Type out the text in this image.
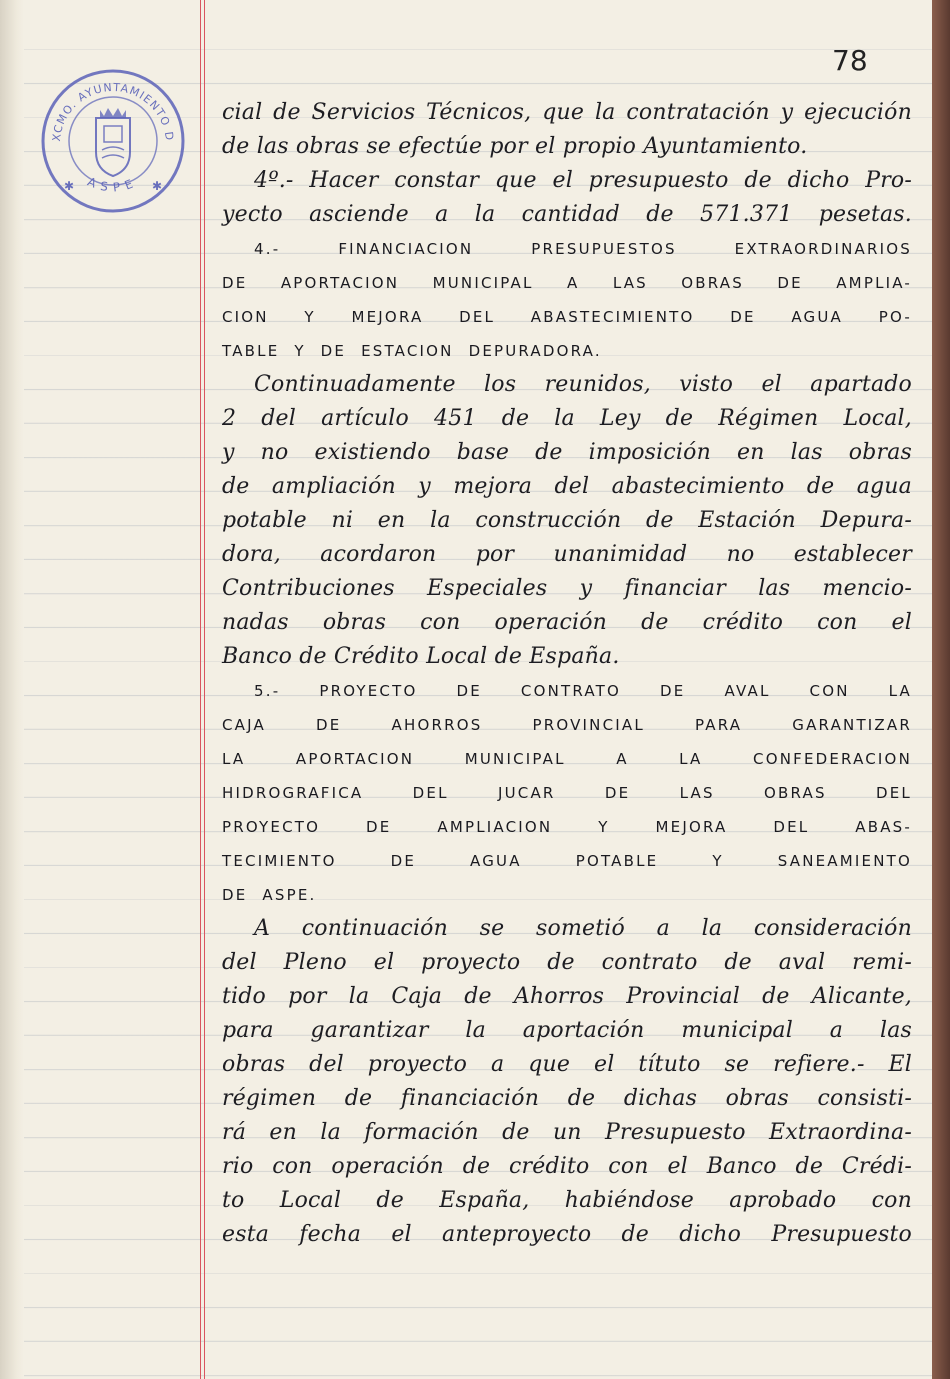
78
XCMO. AYUNTAMIENTO D
ASPE
✱	✱
cial de Servicios Técnicos, que la contratación y ejecución
de las obras se efectúe por el propio Ayuntamiento.
4º.- Hacer constar que el presupuesto de dicho Pro-
yecto asciende a la cantidad de 571.371 pesetas.
4.- FINANCIACION PRESUPUESTOS EXTRAORDINARIOS
DE APORTACION MUNICIPAL A LAS OBRAS DE AMPLIA-
CION Y MEJORA DEL ABASTECIMIENTO DE AGUA PO-
TABLE Y DE ESTACION DEPURADORA.
Continuadamente los reunidos, visto el apartado
2 del artículo 451 de la Ley de Régimen Local,
y no existiendo base de imposición en las obras
de ampliación y mejora del abastecimiento de agua
potable ni en la construcción de Estación Depura-
dora, acordaron por unanimidad no establecer
Contribuciones Especiales y financiar las mencio-
nadas obras con operación de crédito con el
Banco de Crédito Local de España.
5.- PROYECTO DE CONTRATO DE AVAL CON LA
CAJA DE AHORROS PROVINCIAL PARA GARANTIZAR
LA APORTACION MUNICIPAL A LA CONFEDERACION
HIDROGRAFICA DEL JUCAR DE LAS OBRAS DEL
PROYECTO DE AMPLIACION Y MEJORA DEL ABAS-
TECIMIENTO DE AGUA POTABLE Y SANEAMIENTO
DE ASPE.
A continuación se sometió a la consideración
del Pleno el proyecto de contrato de aval remi-
tido por la Caja de Ahorros Provincial de Alicante,
para garantizar la aportación municipal a las
obras del proyecto a que el títuto se refiere.- El
régimen de financiación de dichas obras consisti-
rá en la formación de un Presupuesto Extraordina-
rio con operación de crédito con el Banco de Crédi-
to Local de España, habiéndose aprobado con
esta fecha el anteproyecto de dicho Presupuesto
